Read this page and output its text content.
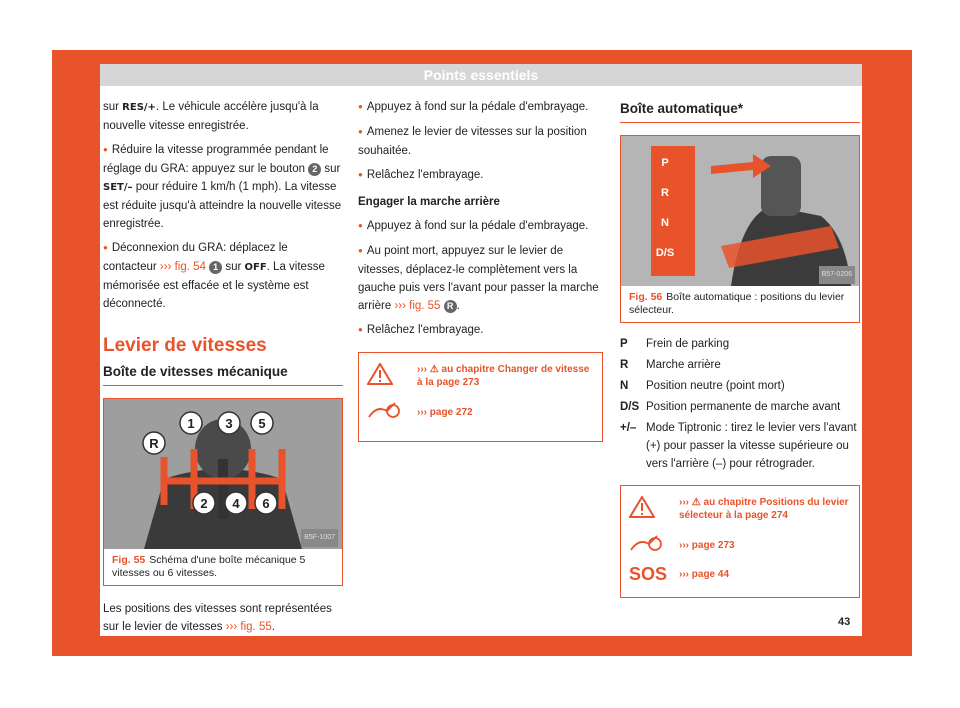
Points essentiels

sur RES/+. Le véhicule accélère jusqu'à la nouvelle vitesse enregistrée.

● Réduire la vitesse programmée pendant le réglage du GRA: appuyez sur le bouton 2 sur SET/– pour réduire 1 km/h (1 mph). La vitesse est réduite jusqu'à atteindre la nouvelle vitesse enregistrée.

● Déconnexion du GRA: déplacez le contacteur ››› fig. 54 1 sur OFF. La vitesse mémorisée est effacée et le système est déconnecté.

Levier de vitesses
Boîte de vitesses mécanique
1 3 5
R
2 4 6
B5F-1007
Fig. 55 Schéma d'une boîte mécanique 5 vitesses ou 6 vitesses.

Les positions des vitesses sont représentées sur le levier de vitesses ››› fig. 55.

● Appuyez à fond sur la pédale d'embrayage.

● Amenez le levier de vitesses sur la position souhaitée.

● Relâchez l'embrayage.

Engager la marche arrière

● Appuyez à fond sur la pédale d'embrayage.

● Au point mort, appuyez sur le levier de vitesses, déplacez-le complètement vers la gauche puis vers l'avant pour passer la marche arrière ››› fig. 55 R .

● Relâchez l'embrayage.

››› ⚠ au chapitre Changer de vitesse à la page 273
››› page 272
Boîte automatique*
P
R
N
D/S
B57-0206
Fig. 56 Boîte automatique : positions du levier sélecteur.
P	Frein de parking
R	Marche arrière
N	Position neutre (point mort)
D/S Position permanente de marche avant
+/– Mode Tiptronic : tirez le levier vers l'avant (+) pour passer la vitesse supérieure ou vers l'arrière (–) pour rétrograder.
››› ⚠ au chapitre Positions du levier sélecteur à la page 274
››› page 273
SOS	››› page 44
43
